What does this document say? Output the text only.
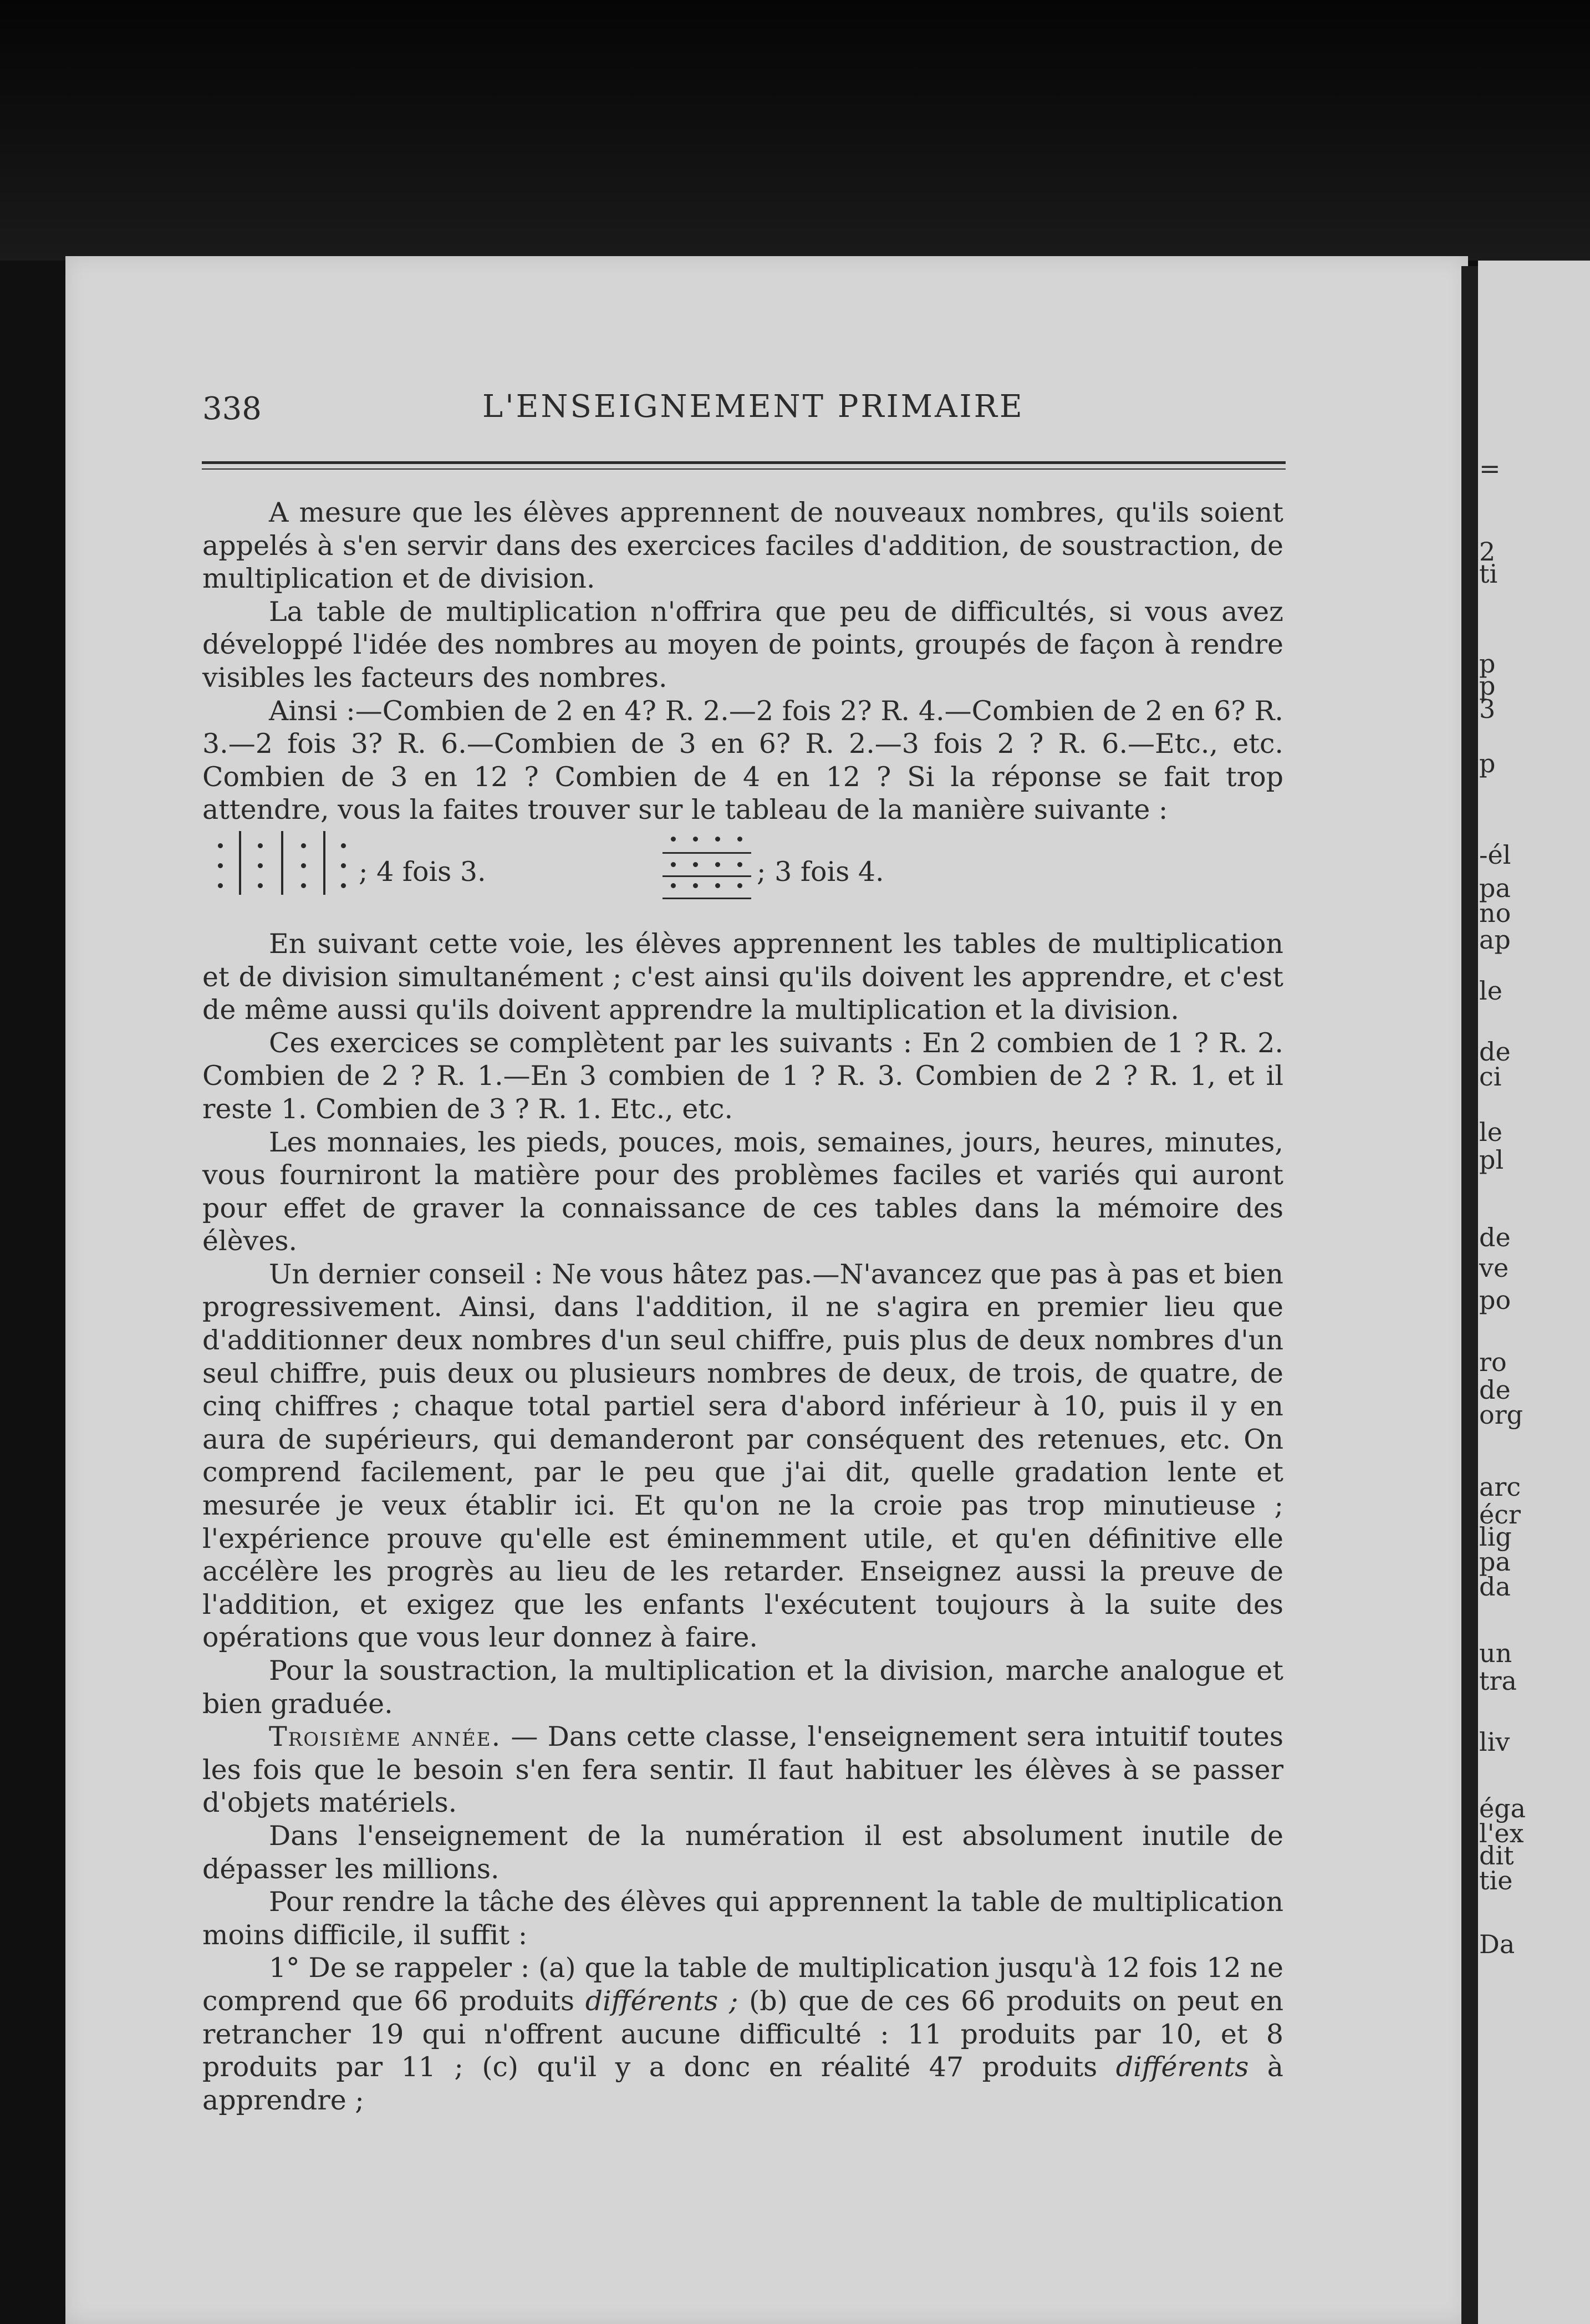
=
2
ti
p
p
3
p
-él
pa
no
ap
le
de
ci
le
pl
de
ve
po
ro
de
org
arc
écr
lig
pa
da
un
tra
liv
éga
l'ex
dit
tie
Da
338	L'ENSEIGNEMENT PRIMAIRE

A mesure que les élèves apprennent de nouveaux nombres, qu'ils soient appelés à s'en servir dans des exercices faciles d'addition, de soustraction, de multiplication et de division.

La table de multiplication n'offrira que peu de difficultés, si vous avez développé l'idée des nombres au moyen de points, groupés de façon à rendre visibles les facteurs des nombres.

Ainsi :—Combien de 2 en 4? R. 2.—2 fois 2? R. 4.—Combien de 2 en 6? R. 3.—2 fois 3? R. 6.—Combien de 3 en 6? R. 2.—3 fois 2 ? R. 6.—Etc., etc. Combien de 3 en 12 ? Combien de 4 en 12 ? Si la réponse se fait trop attendre, vous la faites trouver sur le tableau de la manière suivante :

; 4 fois 3.	; 3 fois 4.

En suivant cette voie, les élèves apprennent les tables de multiplication et de division simultanément ; c'est ainsi qu'ils doivent les apprendre, et c'est de même aussi qu'ils doivent apprendre la multiplication et la division.

Ces exercices se complètent par les suivants : En 2 combien de 1 ? R. 2. Combien de 2 ? R. 1.—En 3 combien de 1 ? R. 3. Combien de 2 ? R. 1, et il reste 1. Combien de 3 ? R. 1. Etc., etc.

Les monnaies, les pieds, pouces, mois, semaines, jours, heures, minutes, vous fourniront la matière pour des problèmes faciles et variés qui auront pour effet de graver la connaissance de ces tables dans la mémoire des élèves.

Un dernier conseil : Ne vous hâtez pas.—N'avancez que pas à pas et bien progressivement. Ainsi, dans l'addition, il ne s'agira en premier lieu que d'additionner deux nombres d'un seul chiffre, puis plus de deux nombres d'un seul chiffre, puis deux ou plusieurs nombres de deux, de trois, de quatre, de cinq chiffres ; chaque total partiel sera d'abord inférieur à 10, puis il y en aura de supérieurs, qui demanderont par conséquent des retenues, etc. On comprend facilement, par le peu que j'ai dit, quelle gradation lente et mesurée je veux établir ici. Et qu'on ne la croie pas trop minutieuse ; l'expérience prouve qu'elle est éminemment utile, et qu'en définitive elle accélère les progrès au lieu de les retarder. Enseignez aussi la preuve de l'addition, et exigez que les enfants l'exécutent toujours à la suite des opérations que vous leur donnez à faire.

Pour la soustraction, la multiplication et la division, marche analogue et bien graduée.

Troisième année. — Dans cette classe, l'enseignement sera intuitif toutes les fois que le besoin s'en fera sentir. Il faut habituer les élèves à se passer d'objets matériels.

Dans l'enseignement de la numération il est absolument inutile de dépasser les millions.

Pour rendre la tâche des élèves qui apprennent la table de multiplication moins difficile, il suffit :

1° De se rappeler : (a) que la table de multiplication jusqu'à 12 fois 12 ne comprend que 66 produits différents ; (b) que de ces 66 produits on peut en retrancher 19 qui n'offrent aucune difficulté : 11 produits par 10, et 8 produits par 11 ; (c) qu'il y a donc en réalité 47 produits différents à apprendre ;
